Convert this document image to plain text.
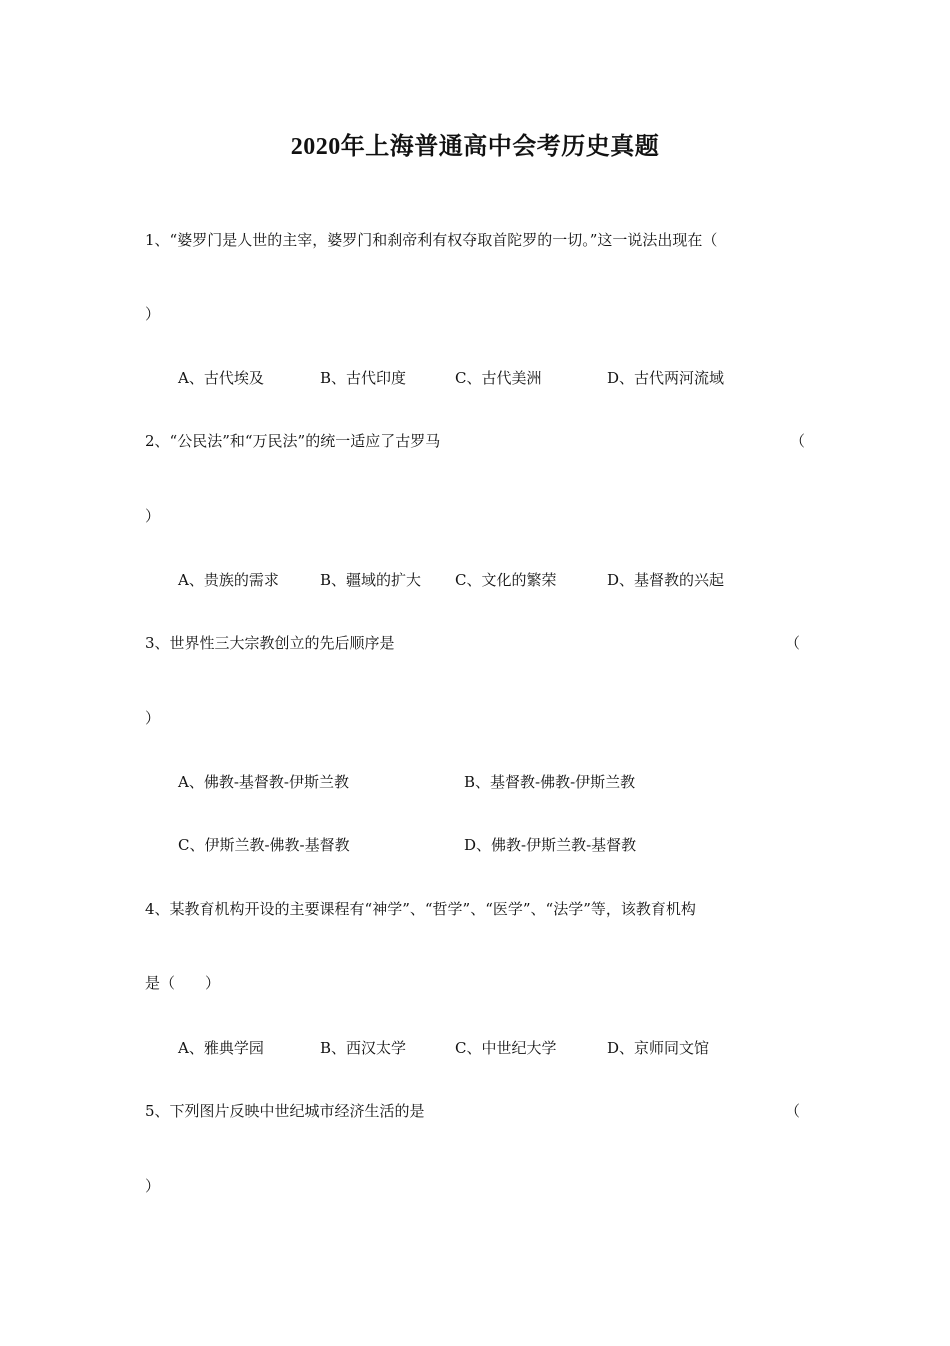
2020年上海普通高中会考历史真题
1、“婆罗门是人世的主宰，婆罗门和刹帝利有权夺取首陀罗的一切。”这一说法出现在（
）
A、古代埃及	B、古代印度	C、古代美洲	D、古代两河流域
2、“公民法”和“万民法”的统一适应了古罗马	（
）
A、贵族的需求	B、疆域的扩大 C、文化的繁荣	D、基督教的兴起
3、世界性三大宗教创立的先后顺序是	（
）
A、佛教-基督教-伊斯兰教	B、基督教-佛教-伊斯兰教
C、伊斯兰教-佛教-基督教	D、佛教-伊斯兰教-基督教
4、某教育机构开设的主要课程有“神学”、“哲学”、“医学”、“法学”等，该教育机构
是（　　）
A、雅典学园	B、西汉太学	C、中世纪大学	D、京师同文馆
5、下列图片反映中世纪城市经济生活的是	（
）
